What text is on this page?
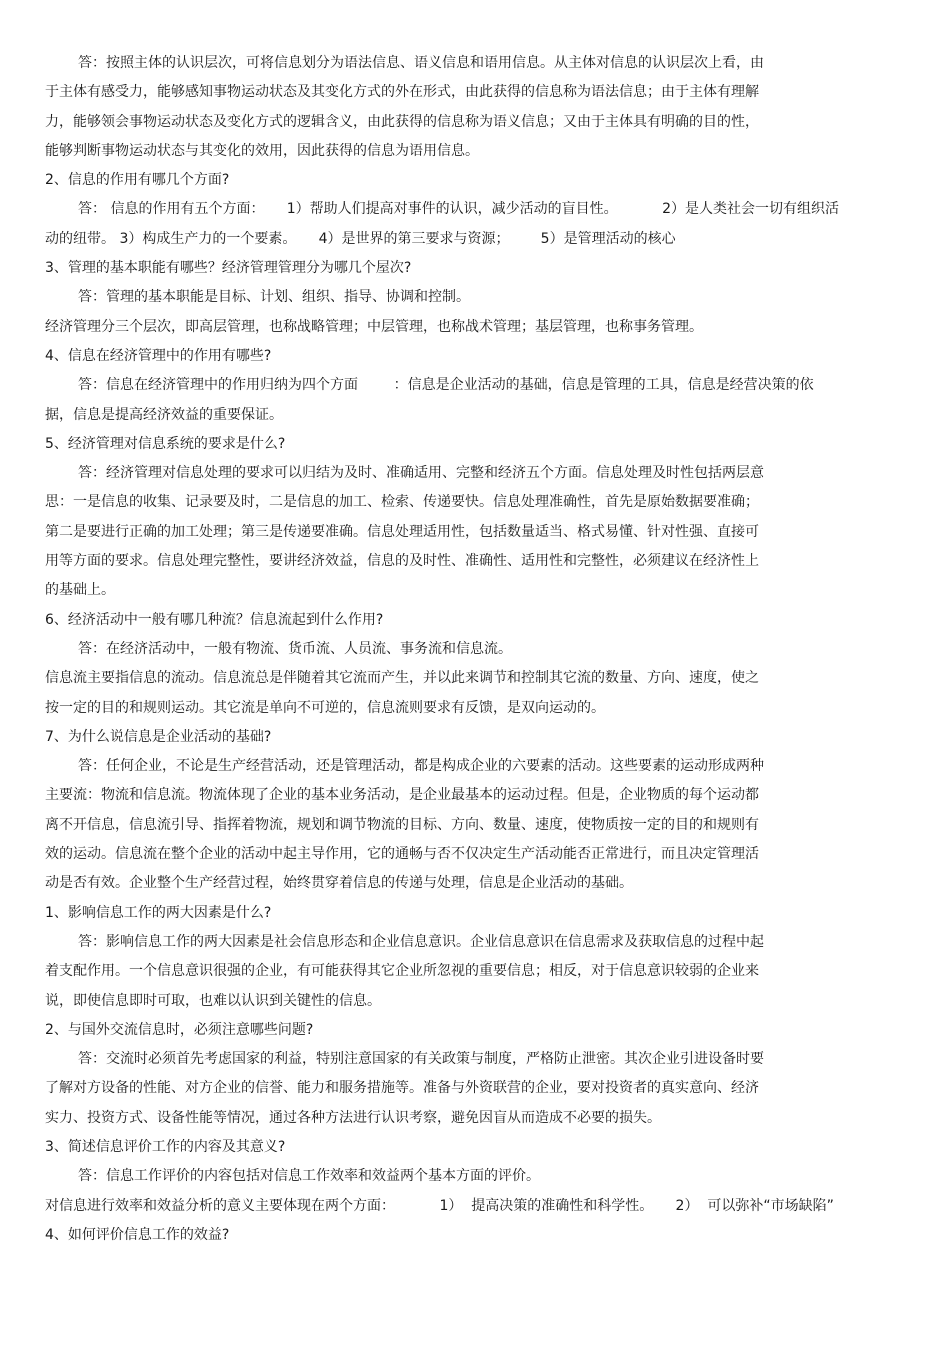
答：按照主体的认识层次，可将信息划分为语法信息、语义信息和语用信息。从主体对信息的认识层次上看，由
于主体有感受力，能够感知事物运动状态及其变化方式的外在形式，由此获得的信息称为语法信息；由于主体有理解
力，能够领会事物运动状态及变化方式的逻辑含义，由此获得的信息称为语义信息；又由于主体具有明确的目的性，
能够判断事物运动状态与其变化的效用，因此获得的信息为语用信息。
2、信息的作用有哪几个方面?
答： 信息的作用有五个方面：     1）帮助人们提高对事件的认识，减少活动的盲目性。          2）是人类社会一切有组织活
动的纽带。 3）构成生产力的一个要素。     4）是世界的第三要求与资源；       5）是管理活动的核心
3、管理的基本职能有哪些？经济管理管理分为哪几个屋次?
答：管理的基本职能是目标、计划、组织、指导、协调和控制。
经济管理分三个层次，即高层管理，也称战略管理；中层管理，也称战术管理；基层管理，也称事务管理。
4、信息在经济管理中的作用有哪些?
答：信息在经济管理中的作用归纳为四个方面        ：信息是企业活动的基础，信息是管理的工具，信息是经营决策的依
据，信息是提高经济效益的重要保证。
5、经济管理对信息系统的要求是什么?
答：经济管理对信息处理的要求可以归结为及时、准确适用、完整和经济五个方面。信息处理及时性包括两层意
思：一是信息的收集、记录要及时，二是信息的加工、检索、传递要快。信息处理准确性，首先是原始数据要准确；
第二是要进行正确的加工处理；第三是传递要准确。信息处理适用性，包括数量适当、格式易懂、针对性强、直接可
用等方面的要求。信息处理完整性，要讲经济效益，信息的及时性、准确性、适用性和完整性，必须建议在经济性上
的基础上。
6、经济活动中一般有哪几种流？信息流起到什么作用?
答：在经济活动中，一般有物流、货币流、人员流、事务流和信息流。
信息流主要指信息的流动。信息流总是伴随着其它流而产生，并以此来调节和控制其它流的数量、方向、速度，使之
按一定的目的和规则运动。其它流是单向不可逆的，信息流则要求有反馈，是双向运动的。
7、为什么说信息是企业活动的基础?
答：任何企业，不论是生产经营活动，还是管理活动，都是构成企业的六要素的活动。这些要素的运动形成两种
主要流：物流和信息流。物流体现了企业的基本业务活动，是企业最基本的运动过程。但是，企业物质的每个运动都
离不开信息，信息流引导、指挥着物流，规划和调节物流的目标、方向、数量、速度，使物质按一定的目的和规则有
效的运动。信息流在整个企业的活动中起主导作用，它的通畅与否不仅决定生产活动能否正常进行，而且决定管理活
动是否有效。企业整个生产经营过程，始终贯穿着信息的传递与处理，信息是企业活动的基础。
1、影响信息工作的两大因素是什么?
答：影响信息工作的两大因素是社会信息形态和企业信息意识。企业信息意识在信息需求及获取信息的过程中起
着支配作用。一个信息意识很强的企业，有可能获得其它企业所忽视的重要信息；相反，对于信息意识较弱的企业来
说，即使信息即时可取，也难以认识到关键性的信息。
2、与国外交流信息时，必须注意哪些问题?
答：交流时必须首先考虑国家的利益，特别注意国家的有关政策与制度，严格防止泄密。其次企业引进设备时要
了解对方设备的性能、对方企业的信誉、能力和服务措施等。准备与外资联营的企业，要对投资者的真实意向、经济
实力、投资方式、设备性能等情况，通过各种方法进行认识考察，避免因盲从而造成不必要的损失。
3、简述信息评价工作的内容及其意义?
答：信息工作评价的内容包括对信息工作效率和效益两个基本方面的评价。
对信息进行效率和效益分析的意义主要体现在两个方面：          1）  提高决策的准确性和科学性。     2）  可以弥补“市场缺陷”
4、如何评价信息工作的效益?
